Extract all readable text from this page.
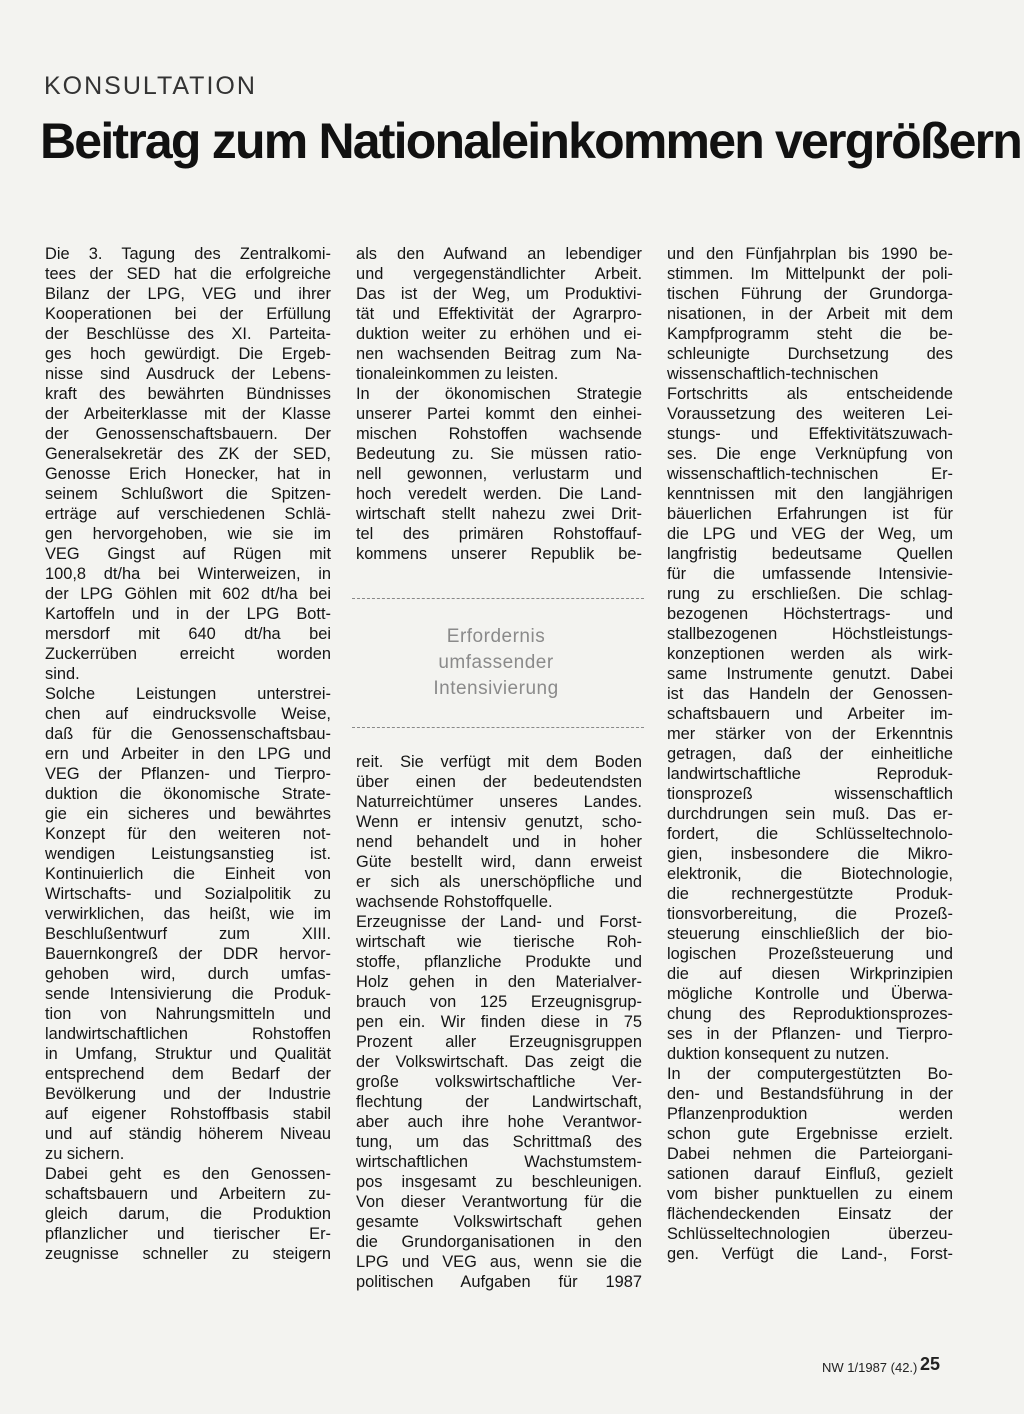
KONSULTATION
Beitrag zum Nationaleinkommen vergrößern
Die 3. Tagung des Zentralkomi-
tees der SED hat die erfolgreiche
Bilanz der LPG, VEG und ihrer
Kooperationen bei der Erfüllung
der Beschlüsse des XI. Parteita-
ges hoch gewürdigt. Die Ergeb-
nisse sind Ausdruck der Lebens-
kraft des bewährten Bündnisses
der Arbeiterklasse mit der Klasse
der Genossenschaftsbauern. Der
Generalsekretär des ZK der SED,
Genosse Erich Honecker, hat in
seinem Schlußwort die Spitzen-
erträge auf verschiedenen Schlä-
gen hervorgehoben, wie sie im
VEG Gingst auf Rügen mit
100,8 dt/ha bei Winterweizen, in
der LPG Göhlen mit 602 dt/ha bei
Kartoffeln und in der LPG Bott-
mersdorf mit 640 dt/ha bei
Zuckerrüben erreicht worden
sind.
Solche Leistungen unterstrei-
chen auf eindrucksvolle Weise,
daß für die Genossenschaftsbau-
ern und Arbeiter in den LPG und
VEG der Pflanzen- und Tierpro-
duktion die ökonomische Strate-
gie ein sicheres und bewährtes
Konzept für den weiteren not-
wendigen Leistungsanstieg ist.
Kontinuierlich die Einheit von
Wirtschafts- und Sozialpolitik zu
verwirklichen, das heißt, wie im
Beschlußentwurf zum XIII.
Bauernkongreß der DDR hervor-
gehoben wird, durch umfas-
sende Intensivierung die Produk-
tion von Nahrungsmitteln und
landwirtschaftlichen Rohstoffen
in Umfang, Struktur und Qualität
entsprechend dem Bedarf der
Bevölkerung und der Industrie
auf eigener Rohstoffbasis stabil
und auf ständig höherem Niveau
zu sichern.
Dabei geht es den Genossen-
schaftsbauern und Arbeitern zu-
gleich darum, die Produktion
pflanzlicher und tierischer Er-
zeugnisse schneller zu steigern
als den Aufwand an lebendiger
und vergegenständlichter Arbeit.
Das ist der Weg, um Produktivi-
tät und Effektivität der Agrarpro-
duktion weiter zu erhöhen und ei-
nen wachsenden Beitrag zum Na-
tionaleinkommen zu leisten.
In der ökonomischen Strategie
unserer Partei kommt den einhei-
mischen Rohstoffen wachsende
Bedeutung zu. Sie müssen ratio-
nell gewonnen, verlustarm und
hoch veredelt werden. Die Land-
wirtschaft stellt nahezu zwei Drit-
tel des primären Rohstoffauf-
kommens unserer Republik be-
Erfordernis
umfassender
Intensivierung
reit. Sie verfügt mit dem Boden
über einen der bedeutendsten
Naturreichtümer unseres Landes.
Wenn er intensiv genutzt, scho-
nend behandelt und in hoher
Güte bestellt wird, dann erweist
er sich als unerschöpfliche und
wachsende Rohstoffquelle.
Erzeugnisse der Land- und Forst-
wirtschaft wie tierische Roh-
stoffe, pflanzliche Produkte und
Holz gehen in den Materialver-
brauch von 125 Erzeugnisgrup-
pen ein. Wir finden diese in 75
Prozent aller Erzeugnisgruppen
der Volkswirtschaft. Das zeigt die
große volkswirtschaftliche Ver-
flechtung der Landwirtschaft,
aber auch ihre hohe Verantwor-
tung, um das Schrittmaß des
wirtschaftlichen Wachstumstem-
pos insgesamt zu beschleunigen.
Von dieser Verantwortung für die
gesamte Volkswirtschaft gehen
die Grundorganisationen in den
LPG und VEG aus, wenn sie die
politischen Aufgaben für 1987
und den Fünfjahrplan bis 1990 be-
stimmen. Im Mittelpunkt der poli-
tischen Führung der Grundorga-
nisationen, in der Arbeit mit dem
Kampfprogramm steht die be-
schleunigte Durchsetzung des
wissenschaftlich-technischen
Fortschritts als entscheidende
Voraussetzung des weiteren Lei-
stungs- und Effektivitätszuwach-
ses. Die enge Verknüpfung von
wissenschaftlich-technischen Er-
kenntnissen mit den langjährigen
bäuerlichen Erfahrungen ist für
die LPG und VEG der Weg, um
langfristig bedeutsame Quellen
für die umfassende Intensivie-
rung zu erschließen. Die schlag-
bezogenen Höchstertrags- und
stallbezogenen Höchstleistungs-
konzeptionen werden als wirk-
same Instrumente genutzt. Dabei
ist das Handeln der Genossen-
schaftsbauern und Arbeiter im-
mer stärker von der Erkenntnis
getragen, daß der einheitliche
landwirtschaftliche Reproduk-
tionsprozeß wissenschaftlich
durchdrungen sein muß. Das er-
fordert, die Schlüsseltechnolo-
gien, insbesondere die Mikro-
elektronik, die Biotechnologie,
die rechnergestützte Produk-
tionsvorbereitung, die Prozeß-
steuerung einschließlich der bio-
logischen Prozeßsteuerung und
die auf diesen Wirkprinzipien
mögliche Kontrolle und Überwa-
chung des Reproduktionsprozes-
ses in der Pflanzen- und Tierpro-
duktion konsequent zu nutzen.
In der computergestützten Bo-
den- und Bestandsführung in der
Pflanzenproduktion werden
schon gute Ergebnisse erzielt.
Dabei nehmen die Parteiorgani-
sationen darauf Einfluß, gezielt
vom bisher punktuellen zu einem
flächendeckenden Einsatz der
Schlüsseltechnologien überzeu-
gen. Verfügt die Land-, Forst-
NW 1/1987 (42.) 25
